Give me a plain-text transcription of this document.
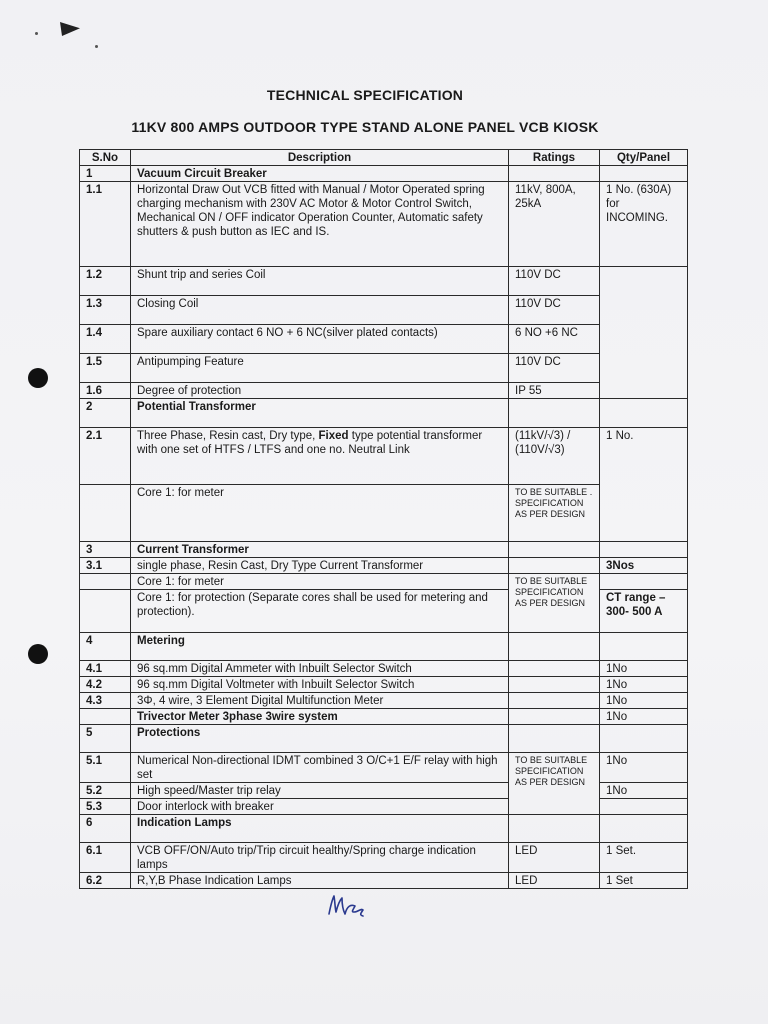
TECHNICAL SPECIFICATION
11KV 800 AMPS OUTDOOR TYPE STAND ALONE PANEL VCB KIOSK
S.No	Description	Ratings	Qty/Panel
1	Vacuum Circuit Breaker		
1.1	Horizontal Draw Out VCB fitted with Manual / Motor Operated spring charging mechanism with 230V AC Motor & Motor Control Switch, Mechanical ON / OFF indicator Operation Counter, Automatic safety shutters & push button as IEC and IS.	11kV, 800A, 25kA	1 No. (630A) for INCOMING.
1.2	Shunt trip and series Coil	110V DC	
1.3	Closing Coil	110V DC	
1.4	Spare auxiliary contact 6 NO + 6 NC(silver plated contacts)	6 NO +6 NC	
1.5	Antipumping Feature	110V DC	
1.6	Degree of protection	IP 55	
2	Potential Transformer		
2.1	Three Phase, Resin cast, Dry type, Fixed type potential transformer with one set of HTFS / LTFS and one no. Neutral Link	(11kV/√3) / (110V/√3)	1 No.
	Core 1: for meter	TO BE SUITABLE . SPECIFICATION AS PER DESIGN	
3	Current Transformer		
3.1	single phase, Resin Cast, Dry Type Current Transformer		3Nos
	Core 1: for meter	TO BE SUITABLE SPECIFICATION AS PER DESIGN	
	Core 1: for protection (Separate cores shall be used for metering and protection).		CT range – 300- 500 A
4	Metering		
4.1	96 sq.mm Digital Ammeter with Inbuilt Selector Switch		1No
4.2	96 sq.mm Digital Voltmeter with Inbuilt Selector Switch		1No
4.3	3Φ, 4 wire, 3 Element Digital Multifunction Meter		1No
	Trivector Meter 3phase 3wire system		1No
5	Protections		
5.1	Numerical Non-directional IDMT combined 3 O/C+1 E/F relay with high set	TO BE SUITABLE SPECIFICATION AS PER DESIGN	1No
5.2	High speed/Master trip relay		1No
5.3	Door interlock with breaker		
6	Indication Lamps		
6.1	VCB OFF/ON/Auto trip/Trip circuit healthy/Spring charge indication lamps	LED	1 Set.
6.2	R,Y,B Phase Indication Lamps	LED	1 Set
